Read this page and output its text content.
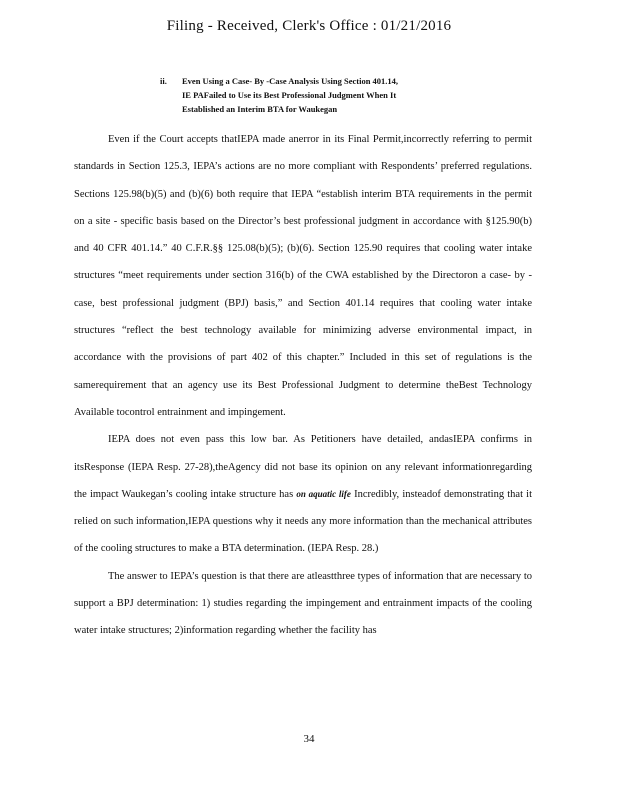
Filing - Received, Clerk's Office : 01/21/2016
ii. Even Using a Case- By -Case Analysis Using Section 401.14,
IE PAFailed to Use its Best Professional Judgment When It
Established an Interim BTA for Waukegan

Even if the Court accepts thatIEPA made anerror in its Final Permit,incorrectly referring to permit standards in Section 125.3, IEPA’s actions are no more compliant with Respondents’ preferred regulations. Sections 125.98(b)(5) and (b)(6) both require that IEPA “establish interim BTA requirements in the permit on a site - specific basis based on the Director’s best professional judgment in accordance with §125.90(b) and 40 CFR 401.14.” 40 C.F.R.§§ 125.08(b)(5); (b)(6). Section 125.90 requires that cooling water intake structures “meet requirements under section 316(b) of the CWA established by the Directoron a case- by -case, best professional judgment (BPJ) basis,” and Section 401.14 requires that cooling water intake structures “reflect the best technology available for minimizing adverse environmental impact, in accordance with the provisions of part 402 of this chapter.” Included in this set of regulations is the samerequirement that an agency use its Best Professional Judgment to determine theBest Technology Available tocontrol entrainment and impingement.

IEPA does not even pass this low bar. As Petitioners have detailed, andasIEPA confirms in itsResponse (IEPA Resp. 27-28),theAgency did not base its opinion on any relevant informationregarding the impact Waukegan’s cooling intake structure has on aquatic life Incredibly, insteadof demonstrating that it relied on such information,IEPA questions why it needs any more information than the mechanical attributes of the cooling structures to make a BTA determination. (IEPA Resp. 28.)

The answer to IEPA’s question is that there are atleastthree types of information that are necessary to support a BPJ determination: 1) studies regarding the impingement and entrainment impacts of the cooling water intake structures; 2)information regarding whether the facility has

34
